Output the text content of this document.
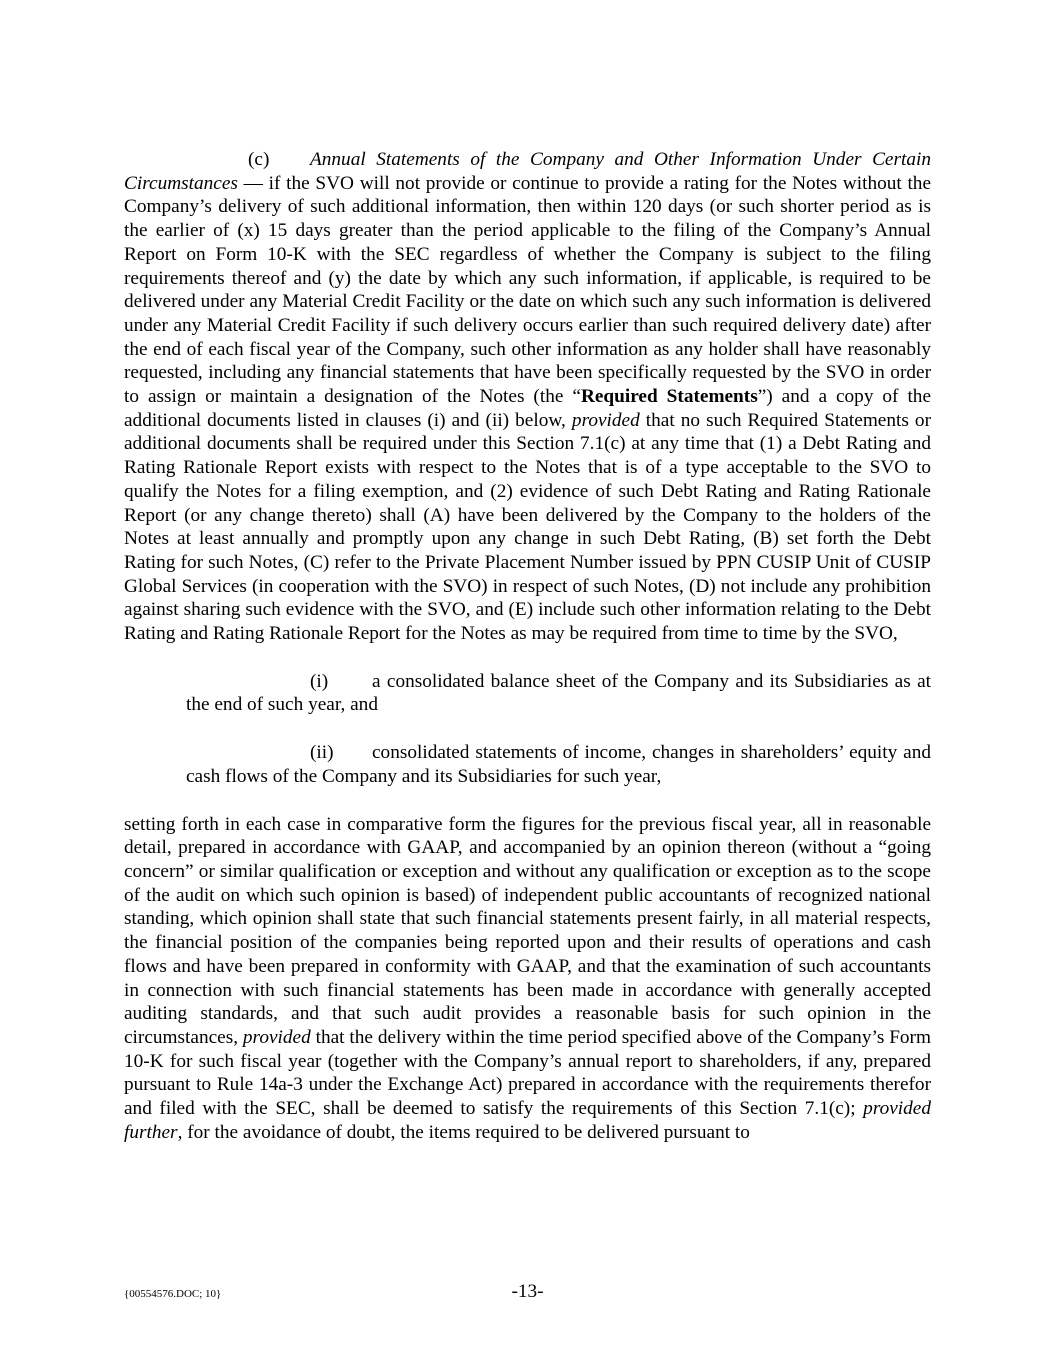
(c) Annual Statements of the Company and Other Information Under Certain Circumstances — if the SVO will not provide or continue to provide a rating for the Notes without the Company’s delivery of such additional information, then within 120 days (or such shorter period as is the earlier of (x) 15 days greater than the period applicable to the filing of the Company’s Annual Report on Form 10-K with the SEC regardless of whether the Company is subject to the filing requirements thereof and (y) the date by which any such information, if applicable, is required to be delivered under any Material Credit Facility or the date on which such any such information is delivered under any Material Credit Facility if such delivery occurs earlier than such required delivery date) after the end of each fiscal year of the Company, such other information as any holder shall have reasonably requested, including any financial statements that have been specifically requested by the SVO in order to assign or maintain a designation of the Notes (the “Required Statements”) and a copy of the additional documents listed in clauses (i) and (ii) below, provided that no such Required Statements or additional documents shall be required under this Section 7.1(c) at any time that (1) a Debt Rating and Rating Rationale Report exists with respect to the Notes that is of a type acceptable to the SVO to qualify the Notes for a filing exemption, and (2) evidence of such Debt Rating and Rating Rationale Report (or any change thereto) shall (A) have been delivered by the Company to the holders of the Notes at least annually and promptly upon any change in such Debt Rating, (B) set forth the Debt Rating for such Notes, (C) refer to the Private Placement Number issued by PPN CUSIP Unit of CUSIP Global Services (in cooperation with the SVO) in respect of such Notes, (D) not include any prohibition against sharing such evidence with the SVO, and (E) include such other information relating to the Debt Rating and Rating Rationale Report for the Notes as may be required from time to time by the SVO,

(i) a consolidated balance sheet of the Company and its Subsidiaries as at the end of such year, and

(ii) consolidated statements of income, changes in shareholders’ equity and cash flows of the Company and its Subsidiaries for such year,

setting forth in each case in comparative form the figures for the previous fiscal year, all in reasonable detail, prepared in accordance with GAAP, and accompanied by an opinion thereon (without a “going concern” or similar qualification or exception and without any qualification or exception as to the scope of the audit on which such opinion is based) of independent public accountants of recognized national standing, which opinion shall state that such financial statements present fairly, in all material respects, the financial position of the companies being reported upon and their results of operations and cash flows and have been prepared in conformity with GAAP, and that the examination of such accountants in connection with such financial statements has been made in accordance with generally accepted auditing standards, and that such audit provides a reasonable basis for such opinion in the circumstances, provided that the delivery within the time period specified above of the Company’s Form 10-K for such fiscal year (together with the Company’s annual report to shareholders, if any, prepared pursuant to Rule 14a-3 under the Exchange Act) prepared in accordance with the requirements therefor and filed with the SEC, shall be deemed to satisfy the requirements of this Section 7.1(c); provided further, for the avoidance of doubt, the items required to be delivered pursuant to

{00554576.DOC; 10}	-13-
